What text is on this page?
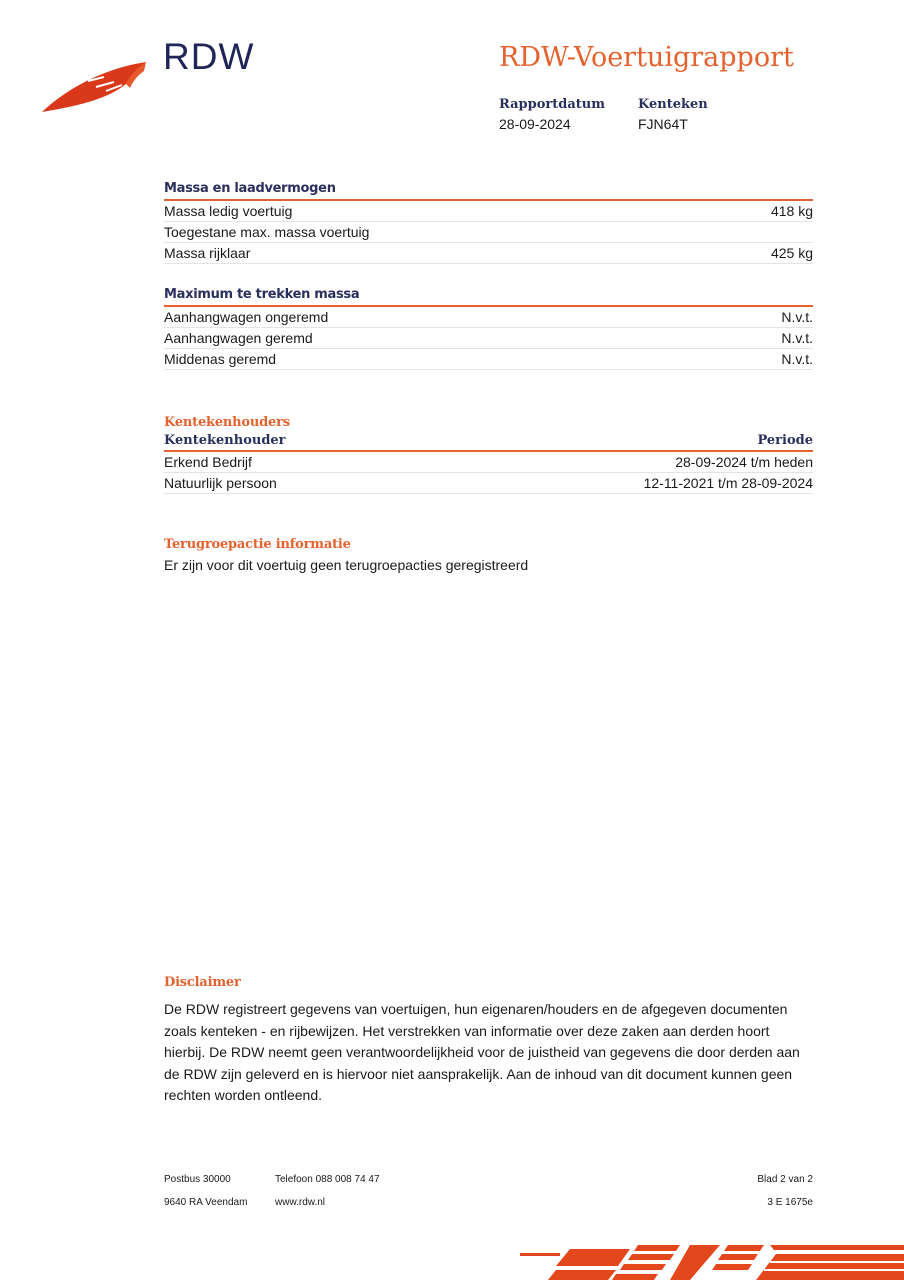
RDW	RDW-Voertuigrapport
Rapportdatum
28-09-2024
Kenteken
FJN64T
Massa en laadvermogen
Massa ledig voertuig	418 kg
Toegestane max. massa voertuig
Massa rijklaar	425 kg
Maximum te trekken massa
Aanhangwagen ongeremd	N.v.t.
Aanhangwagen geremd	N.v.t.
Middenas geremd	N.v.t.
Kentekenhouders
Kentekenhouder	Periode
Erkend Bedrijf	28-09-2024 t/m heden
Natuurlijk persoon	12-11-2021 t/m 28-09-2024
Terugroepactie informatie
Er zijn voor dit voertuig geen terugroepacties geregistreerd
Disclaimer
De RDW registreert gegevens van voertuigen, hun eigenaren/houders en de afgegeven documenten zoals kenteken - en rijbewijzen. Het verstrekken van informatie over deze zaken aan derden hoort hierbij. De RDW neemt geen verantwoordelijkheid voor de juistheid van gegevens die door derden aan de RDW zijn geleverd en is hiervoor niet aansprakelijk. Aan de inhoud van dit document kunnen geen rechten worden ontleend.
Postbus 30000
9640 RA Veendam
Telefoon 088 008 74 47
www.rdw.nl
Blad 2 van 2
3 E 1675e
